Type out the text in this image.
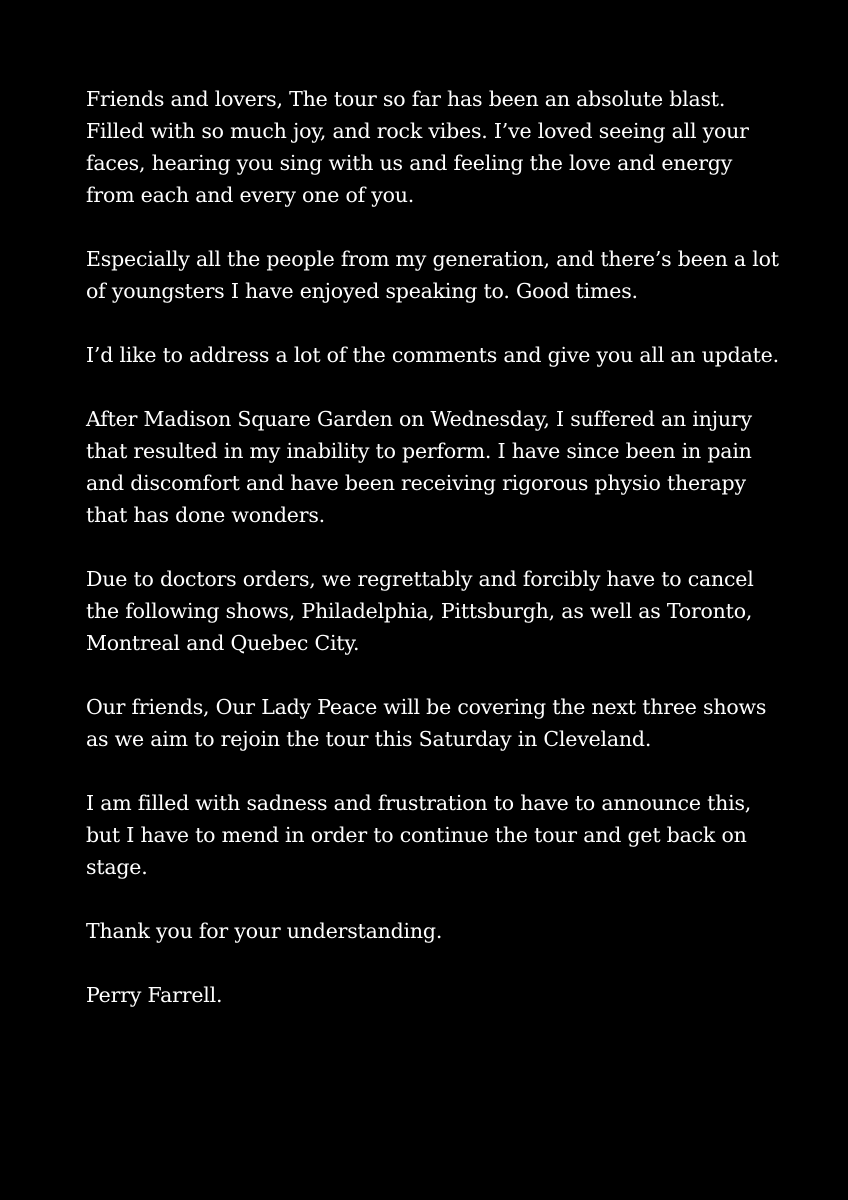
Friends and lovers, The tour so far has been an absolute blast. Filled with so much joy, and rock vibes. I’ve loved seeing all your faces, hearing you sing with us and feeling the love and energy from each and every one of you.

Especially all the people from my generation, and there’s been a lot of youngsters I have enjoyed speaking to. Good times.

I’d like to address a lot of the comments and give you all an update.

After Madison Square Garden on Wednesday, I suffered an injury that resulted in my inability to perform. I have since been in pain and discomfort and have been receiving rigorous physio therapy that has done wonders.

Due to doctors orders, we regrettably and forcibly have to cancel the following shows, Philadelphia, Pittsburgh, as well as Toronto, Montreal and Quebec City.

Our friends, Our Lady Peace will be covering the next three shows as we aim to rejoin the tour this Saturday in Cleveland.

I am filled with sadness and frustration to have to announce this, but I have to mend in order to continue the tour and get back on stage.

Thank you for your understanding.

Perry Farrell.
